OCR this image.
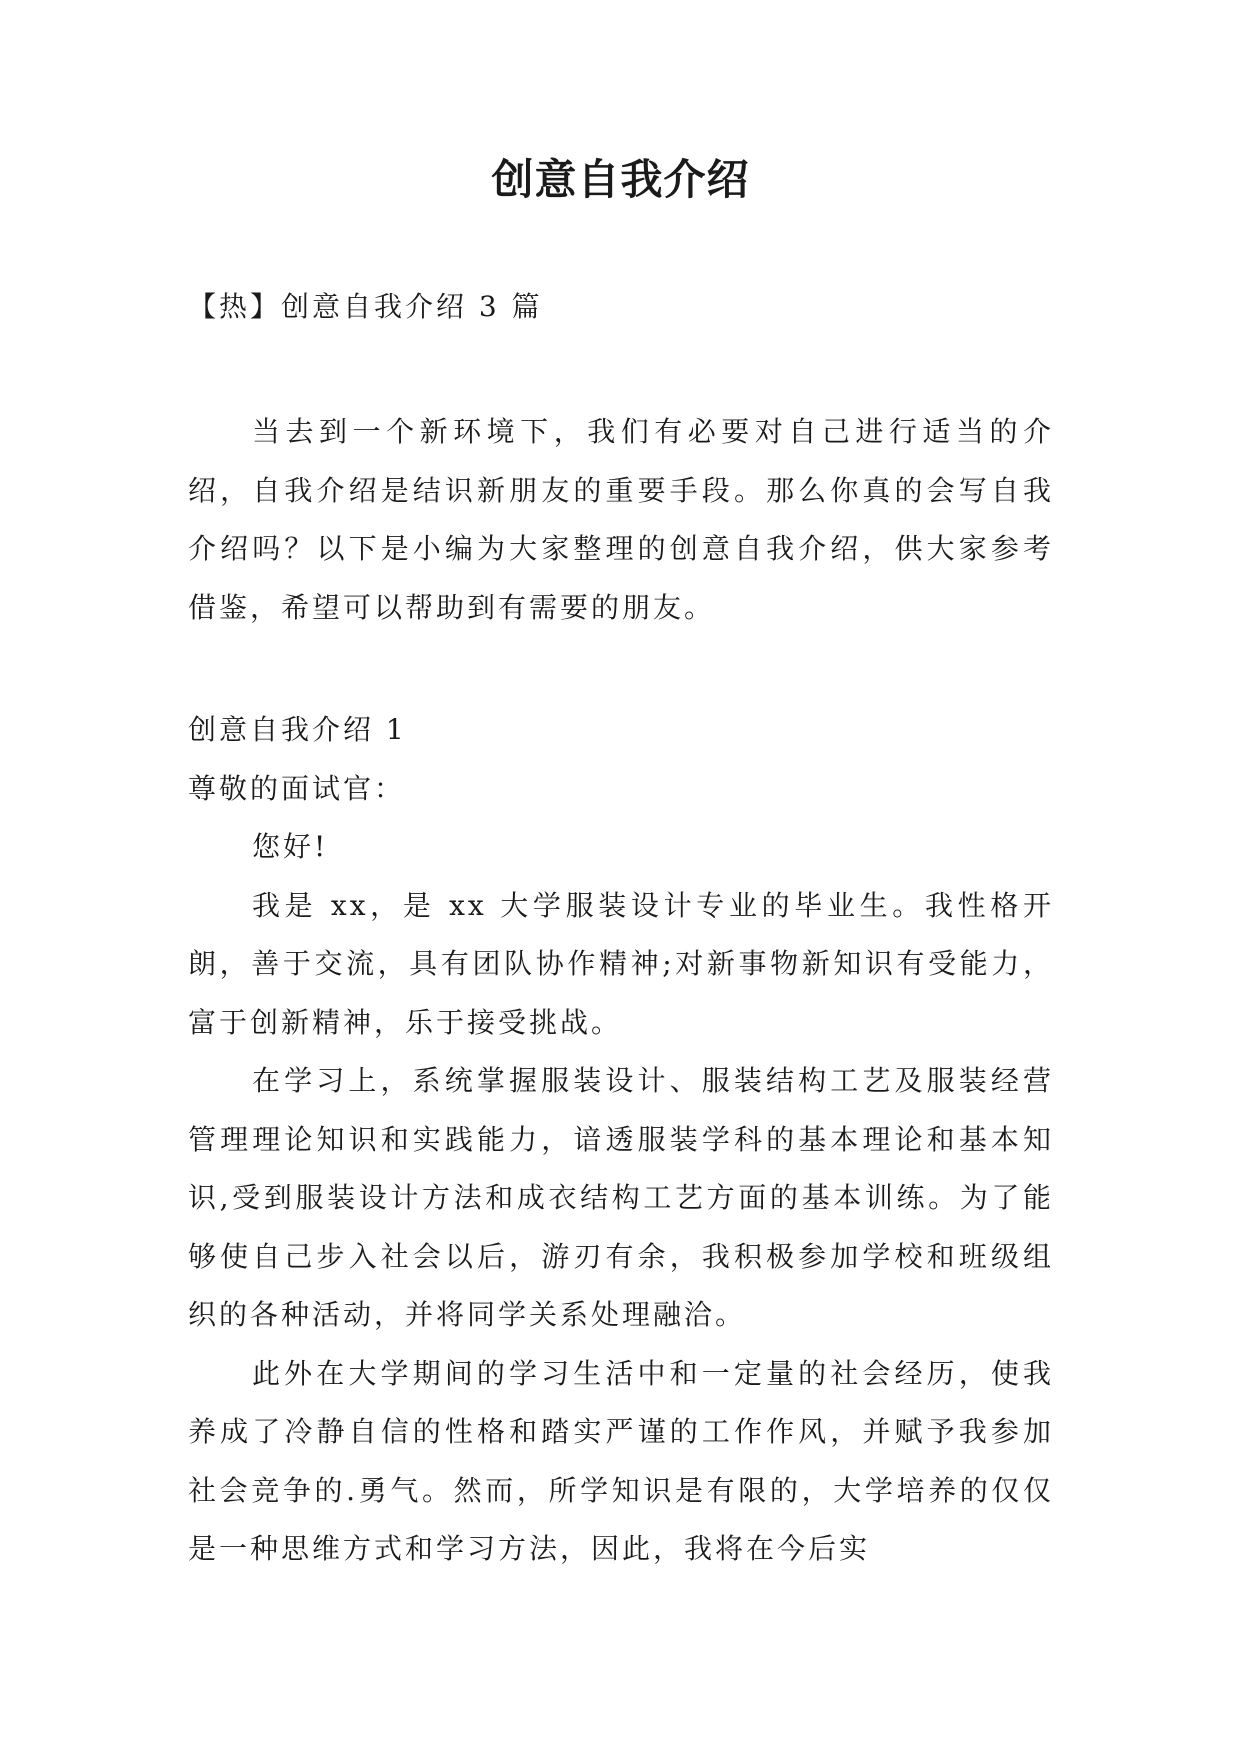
创意自我介绍
【热】创意自我介绍 3 篇
当去到一个新环境下，我们有必要对自己进行适当的介绍，自我介绍是结识新朋友的重要手段。那么你真的会写自我介绍吗？以下是小编为大家整理的创意自我介绍，供大家参考借鉴，希望可以帮助到有需要的朋友。

创意自我介绍 1

尊敬的面试官：

您好!

我是 xx，是 xx 大学服装设计专业的毕业生。我性格开朗，善于交流，具有团队协作精神;对新事物新知识有受能力，富于创新精神，乐于接受挑战。

在学习上，系统掌握服装设计、服装结构工艺及服装经营管理理论知识和实践能力，谙透服装学科的基本理论和基本知识,受到服装设计方法和成衣结构工艺方面的基本训练。为了能够使自己步入社会以后，游刃有余，我积极参加学校和班级组织的各种活动，并将同学关系处理融洽。

此外在大学期间的学习生活中和一定量的社会经历，使我养成了冷静自信的性格和踏实严谨的工作作风，并赋予我参加社会竞争的.勇气。然而，所学知识是有限的，大学培养的仅仅是一种思维方式和学习方法，因此，我将在今后实
